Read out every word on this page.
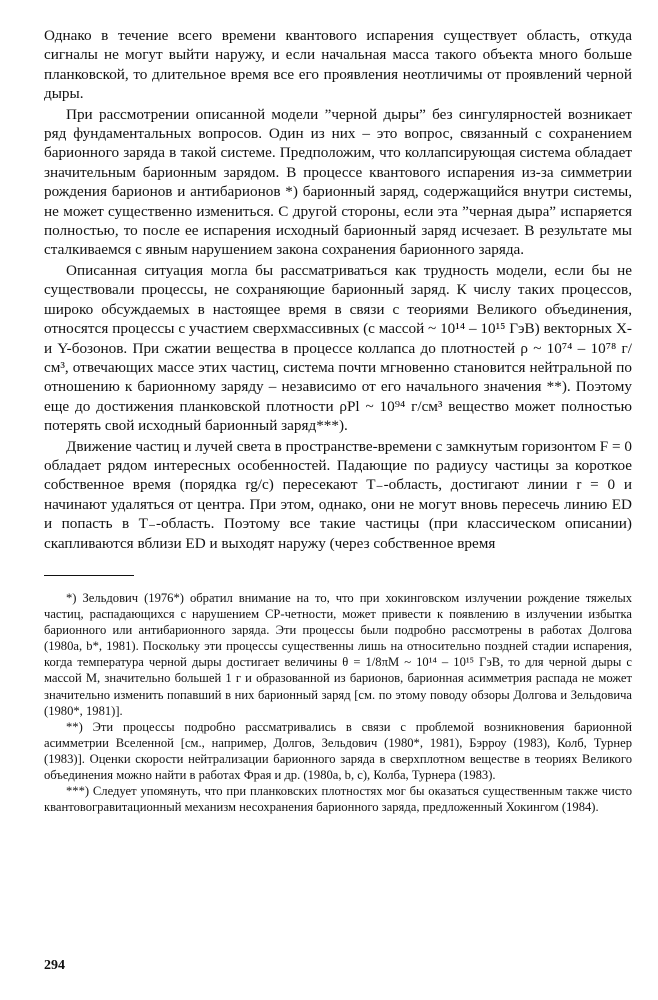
Однако в течение всего времени квантового испарения существует область, откуда сигналы не могут выйти наружу, и если начальная масса такого объекта много больше планковской, то длительное время все его проявления неотличимы от проявлений черной дыры.

При рассмотрении описанной модели ”черной дыры” без сингулярностей возникает ряд фундаментальных вопросов. Один из них – это вопрос, связанный с сохранением барионного заряда в такой системе. Предположим, что коллапсирующая система обладает значительным барионным зарядом. В процессе квантового испарения из-за симметрии рождения барионов и антибарионов *) барионный заряд, содержащийся внутри системы, не может существенно измениться. С другой стороны, если эта ”черная дыра” испаряется полностью, то после ее испарения исходный барионный заряд исчезает. В результате мы сталкиваемся с явным нарушением закона сохранения барионного заряда.

Описанная ситуация могла бы рассматриваться как трудность модели, если бы не существовали процессы, не сохраняющие барионный заряд. К числу таких процессов, широко обсуждаемых в настоящее время в связи с теориями Великого объединения, относятся процессы с участием сверхмассивных (с массой ~ 10¹⁴ – 10¹⁵ ГэВ) векторных X- и Y-бозонов. При сжатии вещества в процессе коллапса до плотностей ρ ~ 10⁷⁴ – 10⁷⁸ г/см³, отвечающих массе этих частиц, система почти мгновенно становится нейтральной по отношению к барионному заряду – независимо от его начального значения **). Поэтому еще до достижения планковской плотности ρPl ~ 10⁹⁴ г/см³ вещество может полностью потерять свой исходный барионный заряд***).

Движение частиц и лучей света в пространстве-времени с замкнутым горизонтом F = 0 обладает рядом интересных особенностей. Падающие по радиусу частицы за короткое собственное время (порядка rg/c) пересекают T₋-область, достигают линии r = 0 и начинают удаляться от центра. При этом, однако, они не могут вновь пересечь линию ED и попасть в T₋-область. Поэтому все такие частицы (при классическом описании) скапливаются вблизи ED и выходят наружу (через собственное время

*) Зельдович (1976*) обратил внимание на то, что при хокинговском излучении рождение тяжелых частиц, распадающихся с нарушением CP-четности, может привести к появлению в излучении избытка барионного или антибарионного заряда. Эти процессы были подробно рассмотрены в работах Долгова (1980a, b*, 1981). Поскольку эти процессы существенны лишь на относительно поздней стадии испарения, когда температура черной дыры достигает величины θ = 1/8πM ~ 10¹⁴ – 10¹⁵ ГэВ, то для черной дыры с массой M, значительно большей 1 г и образованной из барионов, барионная асимметрия распада не может значительно изменить попавший в них барионный заряд [см. по этому поводу обзоры Долгова и Зельдовича (1980*, 1981)].

**) Эти процессы подробно рассматривались в связи с проблемой возникновения барионной асимметрии Вселенной [см., например, Долгов, Зельдович (1980*, 1981), Бэрроу (1983), Колб, Турнер (1983)]. Оценки скорости нейтрализации барионного заряда в сверхплотном веществе в теориях Великого объединения можно найти в работах Фрая и др. (1980a, b, c), Колба, Турнера (1983).

***) Следует упомянуть, что при планковских плотностях мог бы оказаться существенным также чисто квантовогравитационный механизм несохранения барионного заряда, предложенный Хокингом (1984).

294
